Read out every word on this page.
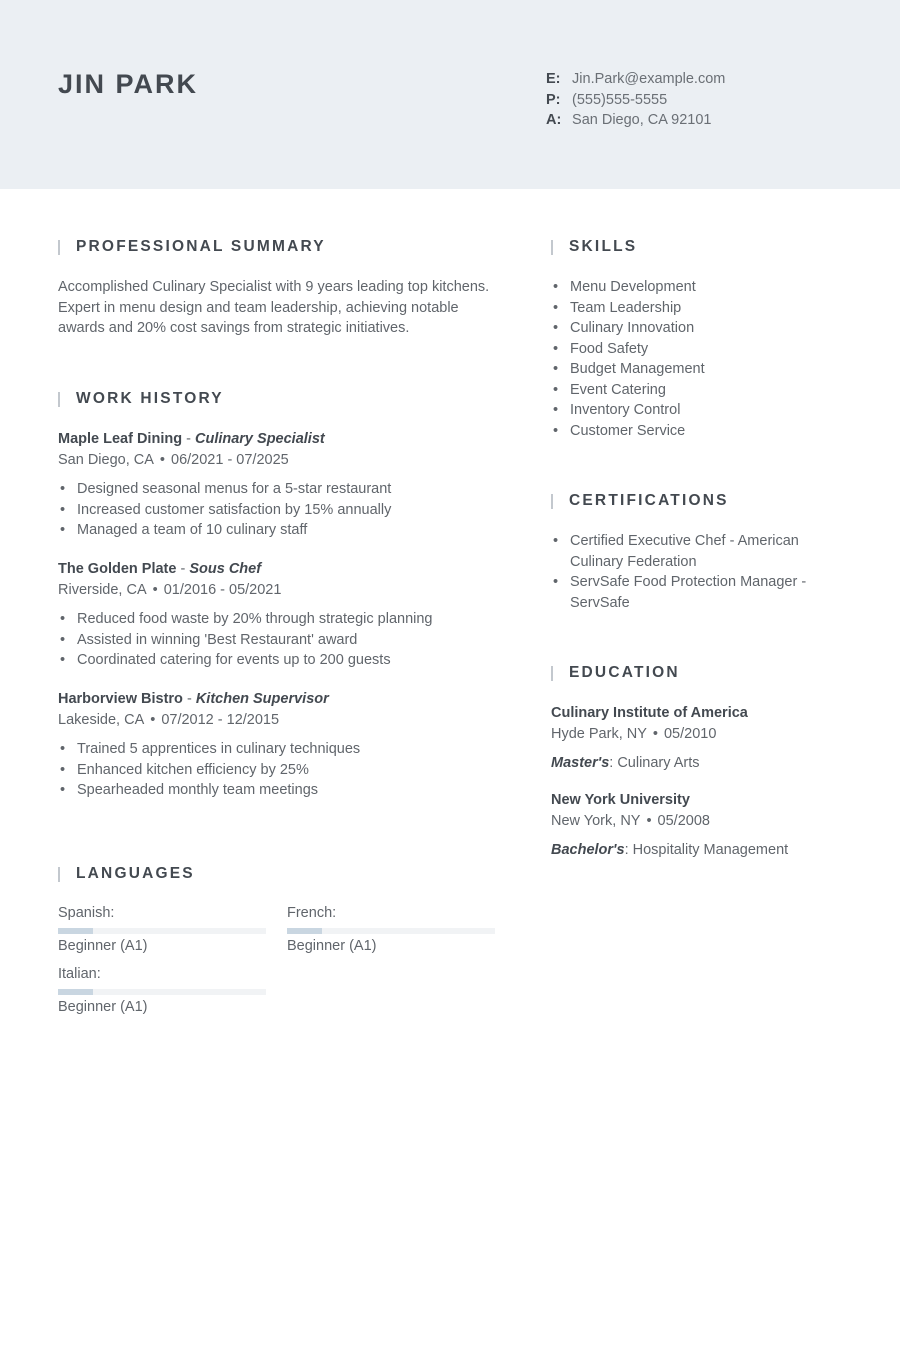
JIN PARK	E: Jin.Park@example.com
P: (555)555-5555
A: San Diego, CA 92101
PROFESSIONAL SUMMARY

Accomplished Culinary Specialist with 9 years leading top kitchens. Expert in menu design and team leadership, achieving notable awards and 20% cost savings from strategic initiatives.

WORK HISTORY
Maple Leaf Dining - Culinary Specialist
San Diego, CA • 06/2021 - 07/2025
• Designed seasonal menus for a 5-star restaurant
• Increased customer satisfaction by 15% annually
• Managed a team of 10 culinary staff
The Golden Plate - Sous Chef
Riverside, CA • 01/2016 - 05/2021
• Reduced food waste by 20% through strategic planning
• Assisted in winning 'Best Restaurant' award
• Coordinated catering for events up to 200 guests
Harborview Bistro - Kitchen Supervisor
Lakeside, CA • 07/2012 - 12/2015
• Trained 5 apprentices in culinary techniques
• Enhanced kitchen efficiency by 25%
• Spearheaded monthly team meetings
LANGUAGES
Spanish:
Beginner (A1)
French:
Beginner (A1)
Italian:
Beginner (A1)
SKILLS
• Menu Development
• Team Leadership
• Culinary Innovation
• Food Safety
• Budget Management
• Event Catering
• Inventory Control
• Customer Service
CERTIFICATIONS
• Certified Executive Chef - American Culinary Federation
• ServSafe Food Protection Manager - ServSafe
EDUCATION
Culinary Institute of America
Hyde Park, NY • 05/2010
Master's: Culinary Arts
New York University
New York, NY • 05/2008
Bachelor's: Hospitality Management
